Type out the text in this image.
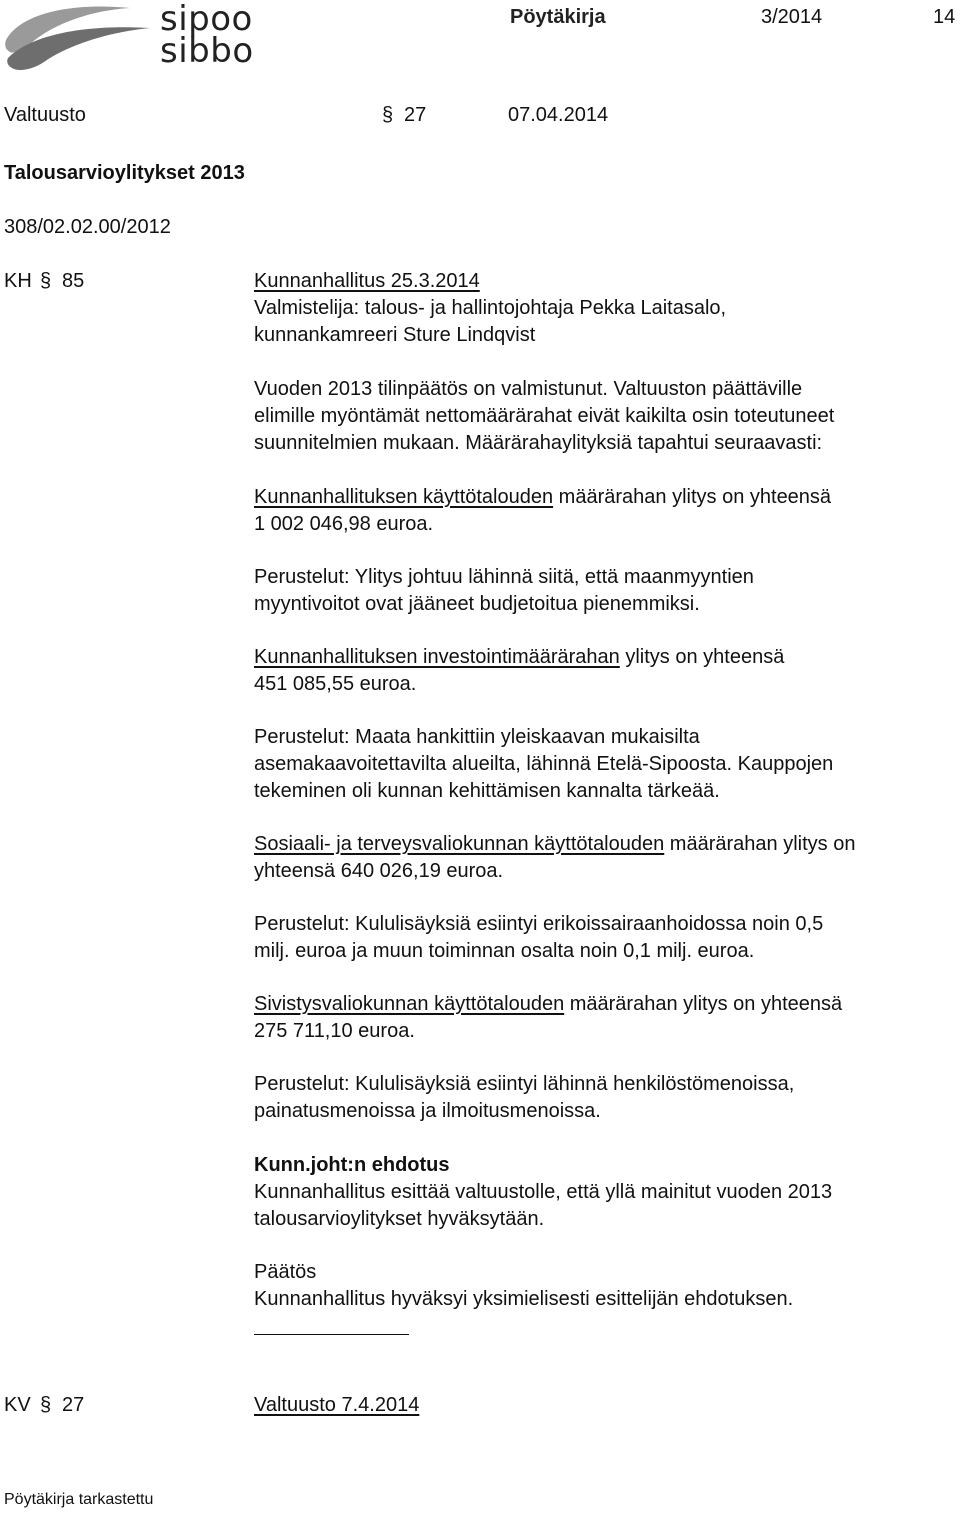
sipoo
sibbo
Pöytäkirja	3/2014	14
Valtuusto	§ 27	07.04.2014
Talousarvioylitykset 2013
308/02.02.00/2012
KH § 85	Kunnanhallitus 25.3.2014
Valmistelija: talous- ja hallintojohtaja Pekka Laitasalo,
kunnankamreeri Sture Lindqvist
Vuoden 2013 tilinpäätös on valmistunut. Valtuuston päättäville
elimille myöntämät nettomäärärahat eivät kaikilta osin toteutuneet
suunnitelmien mukaan. Määrärahaylityksiä tapahtui seuraavasti:
Kunnanhallituksen käyttötalouden määrärahan ylitys on yhteensä
1 002 046,98 euroa.
Perustelut: Ylitys johtuu lähinnä siitä, että maanmyyntien
myyntivoitot ovat jääneet budjetoitua pienemmiksi.
Kunnanhallituksen investointimäärärahan ylitys on yhteensä
451 085,55 euroa.
Perustelut: Maata hankittiin yleiskaavan mukaisilta
asemakaavoitettavilta alueilta, lähinnä Etelä-Sipoosta. Kauppojen
tekeminen oli kunnan kehittämisen kannalta tärkeää.
Sosiaali- ja terveysvaliokunnan käyttötalouden määrärahan ylitys on
yhteensä 640 026,19 euroa.
Perustelut: Kululisäyksiä esiintyi erikoissairaanhoidossa noin 0,5
milj. euroa ja muun toiminnan osalta noin 0,1 milj. euroa.
Sivistysvaliokunnan käyttötalouden määrärahan ylitys on yhteensä
275 711,10 euroa.
Perustelut: Kululisäyksiä esiintyi lähinnä henkilöstömenoissa,
painatusmenoissa ja ilmoitusmenoissa.
Kunn.joht:n ehdotus
Kunnanhallitus esittää valtuustolle, että yllä mainitut vuoden 2013
talousarvioylitykset hyväksytään.
Päätös
Kunnanhallitus hyväksyi yksimielisesti esittelijän ehdotuksen.
KV § 27	Valtuusto 7.4.2014
Pöytäkirja tarkastettu
